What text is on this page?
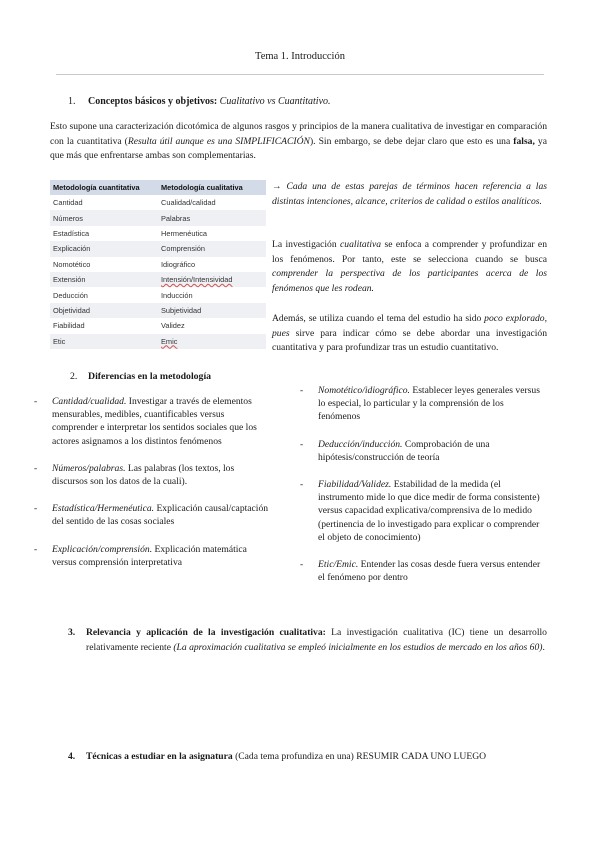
Tema 1. Introducción
1. Conceptos básicos y objetivos: Cualitativo vs Cuantitativo.
Esto supone una caracterización dicotómica de algunos rasgos y principios de la manera cualitativa de investigar en comparación con la cuantitativa (Resulta útil aunque es una SIMPLIFICACIÓN). Sin embargo, se debe dejar claro que esto es una falsa, ya que más que enfrentarse ambas son complementarias.
Metodología cuantitativa	Metodología cualitativa
Cantidad	Cualidad/calidad
Números	Palabras
Estadística	Hermenéutica
Explicación	Comprensión
Nomotético	Idiográfico
Extensión	Intensión/Intensividad
Deducción	Inducción
Objetividad	Subjetividad
Fiabilidad	Validez
Etic	Emic
→ Cada una de estas parejas de términos hacen referencia a las distintas intenciones, alcance, criterios de calidad o estilos analíticos.
La investigación cualitativa se enfoca a comprender y profundizar en los fenómenos. Por tanto, este se selecciona cuando se busca comprender la perspectiva de los participantes acerca de los fenómenos que les rodean.
Además, se utiliza cuando el tema del estudio ha sido poco explorado, pues sirve para indicar cómo se debe abordar una investigación cuantitativa y para profundizar tras un estudio cuantitativo.
2. Diferencias en la metodología
- Cantidad/cualidad. Investigar a través de elementos mensurables, medibles, cuantificables versus comprender e interpretar los sentidos sociales que los actores asignamos a los distintos fenómenos
- Números/palabras. Las palabras (los textos, los discursos son los datos de la cuali).
- Estadística/Hermenéutica. Explicación causal/captación del sentido de las cosas sociales
- Explicación/comprensión. Explicación matemática versus comprensión interpretativa
- Nomotético/idiográfico. Establecer leyes generales versus lo especial, lo particular y la comprensión de los fenómenos
- Deducción/inducción. Comprobación de una hipótesis/construcción de teoría
- Fiabilidad/Validez. Estabilidad de la medida (el instrumento mide lo que dice medir de forma consistente) versus capacidad explicativa/comprensiva de lo medido (pertinencia de lo investigado para explicar o comprender el objeto de conocimiento)
- Etic/Emic. Entender las cosas desde fuera versus entender el fenómeno por dentro
3.	Relevancia y aplicación de la investigación cualitativa: La investigación cualitativa (IC) tiene un desarrollo relativamente reciente (La aproximación cualitativa se empleó inicialmente en los estudios de mercado en los años 60).
4.	Técnicas a estudiar en la asignatura (Cada tema profundiza en una) RESUMIR CADA UNO LUEGO
